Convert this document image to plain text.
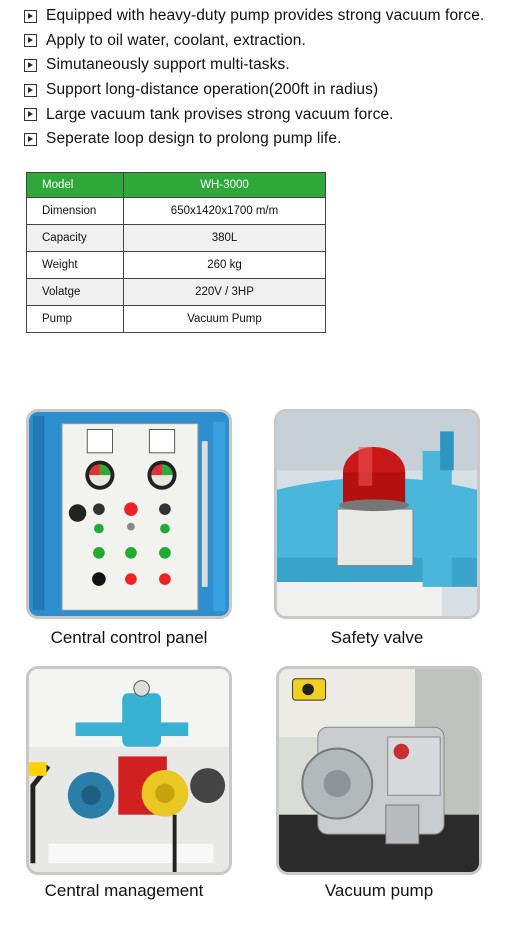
Equipped with heavy-duty pump provides strong vacuum force.
Apply to oil water, coolant, extraction.
Simutaneously support multi-tasks.
Support long-distance operation(200ft in radius)
Large vacuum tank provises strong vacuum force.
Seperate loop design to prolong pump life.
Model	WH-3000
Dimension	650x1420x1700 m/m
Capacity	380L
Weight	260 kg
Volatge	220V / 3HP
Pump	Vacuum Pump
Central control panel	Safety valve
Central management	Vacuum pump
